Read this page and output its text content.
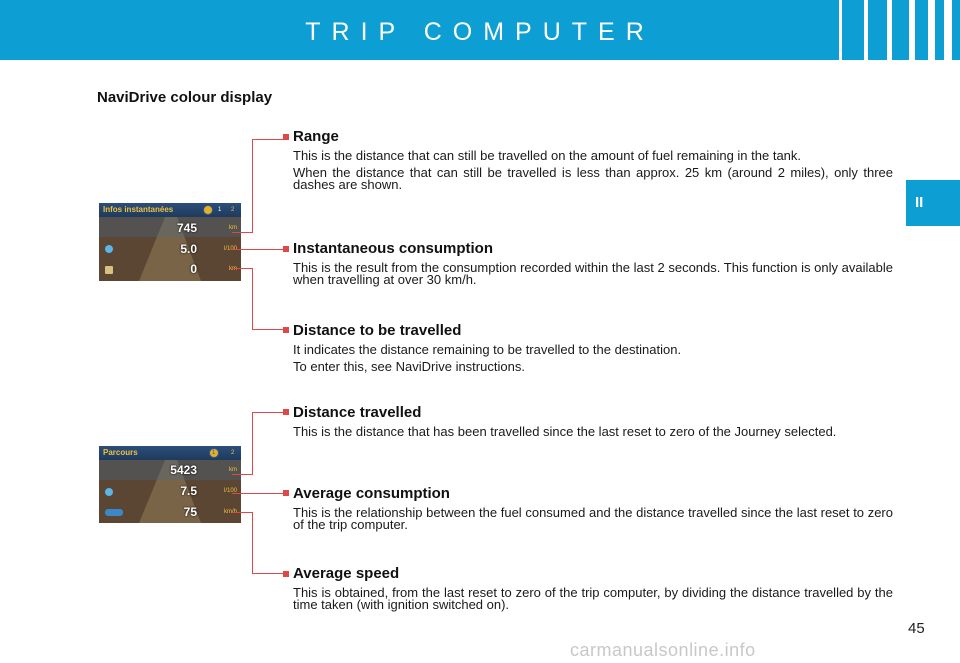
TRIP COMPUTER
II
NaviDrive colour display
Infos instantanées	1 2
745	km
5.0	l/100
0	km
Parcours	1	2
5423	km
7.5	l/100
75	km/h
Range
This is the distance that can still be travelled on the amount of fuel remaining in the tank.
When the distance that can still be travelled is less than approx. 25 km (around 2 miles), only three dashes are shown.
Instantaneous consumption
This is the result from the consumption recorded within the last 2 seconds. This function is only available when travelling at over 30 km/h.
Distance to be travelled
It indicates the distance remaining to be travelled to the destination.
To enter this, see NaviDrive instructions.
Distance travelled
This is the distance that has been travelled since the last reset to zero of the Journey selected.
Average consumption
This is the relationship between the fuel consumed and the distance travelled since the last reset to zero of the trip computer.
Average speed
This is obtained, from the last reset to zero of the trip computer, by dividing the distance travelled by the time taken (with ignition switched on).
45
carmanualsonline.info
